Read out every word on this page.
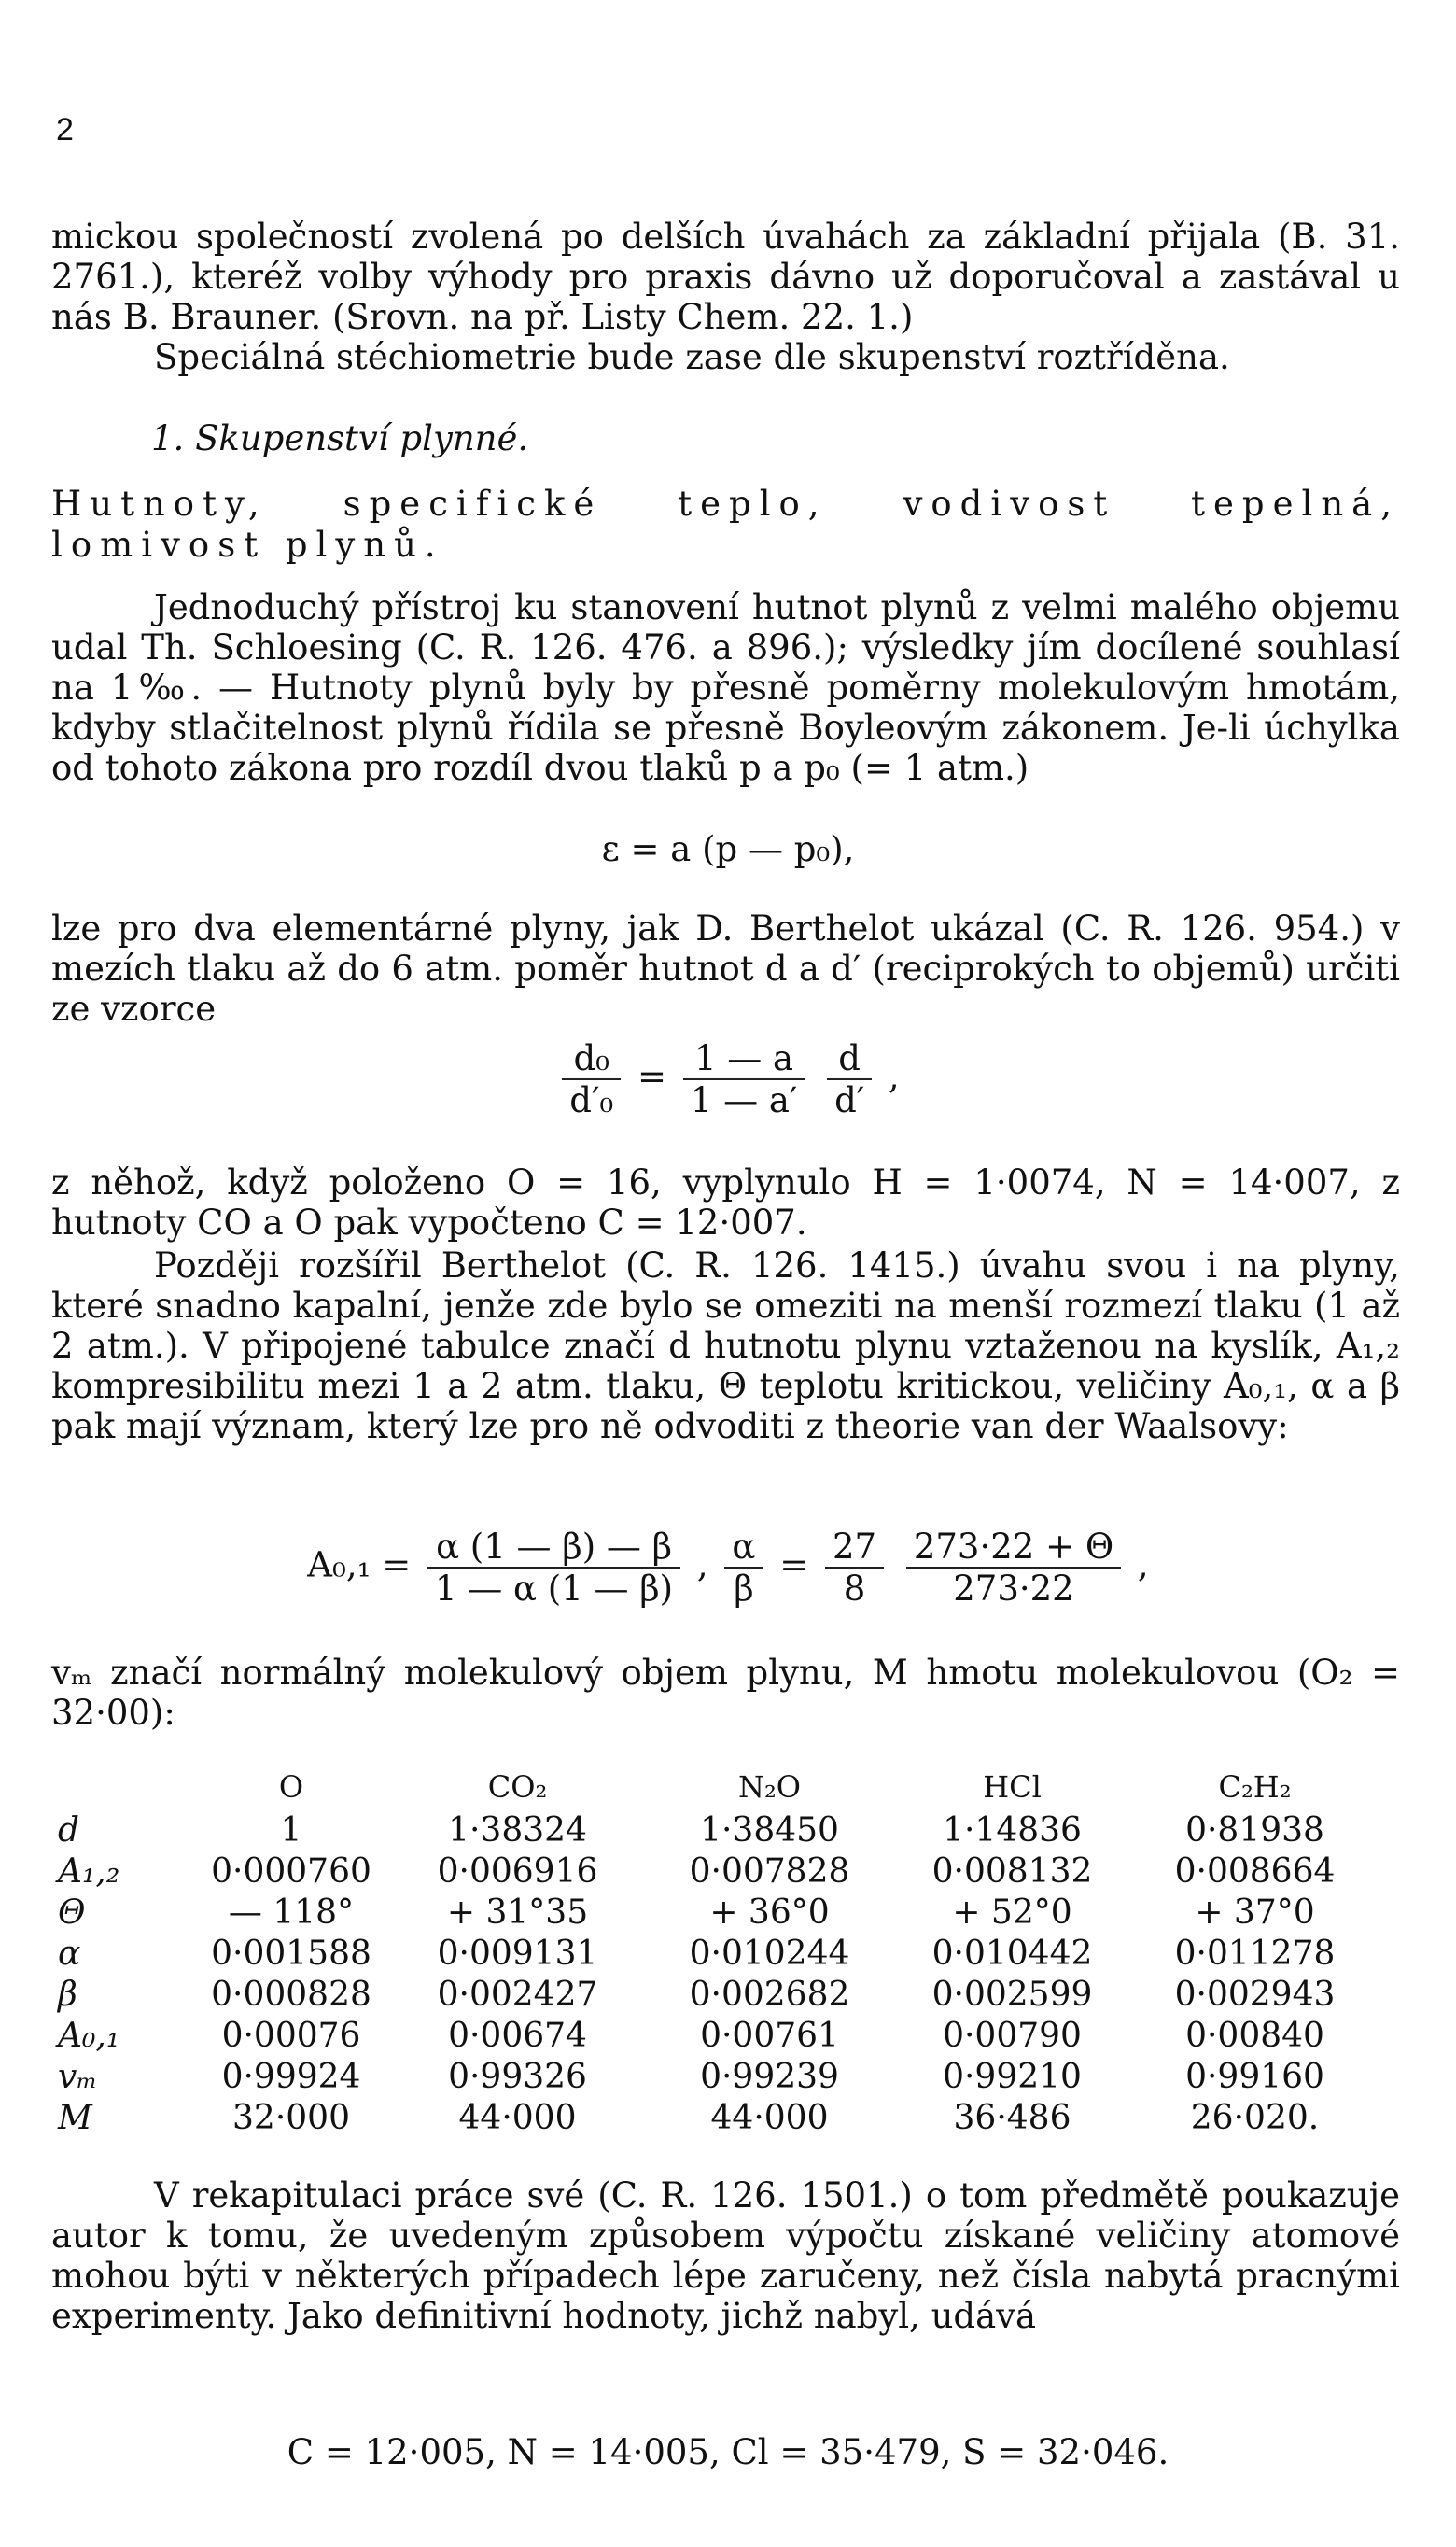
2
mickou společností zvolená po delších úvahách za základní přijala (B. 31. 2761.), kteréž volby výhody pro praxis dávno už doporučoval a zastával u nás B. Brauner. (Srovn. na př. Listy Chem. 22. 1.)
Speciálná stéchiometrie bude zase dle skupenství roztříděna.
1. Skupenství plynné.
Hutnoty, specifické teplo, vodivost tepelná, lomivost plynů.
Jednoduchý přístroj ku stanovení hutnot plynů z velmi malého objemu udal Th. Schloesing (C. R. 126. 476. a 896.); výsledky jím docílené souhlasí na 1‰. — Hutnoty plynů byly by přesně poměrny molekulovým hmotám, kdyby stlačitelnost plynů řídila se přesně Boyleovým zákonem. Je-li úchylka od tohoto zákona pro rozdíl dvou tlaků p a p₀ (= 1 atm.)
ε = a (p — p₀),
lze pro dva elementárné plyny, jak D. Berthelot ukázal (C. R. 126. 954.) v mezích tlaku až do 6 atm. poměr hutnot d a d′ (reciprokých to objemů) určiti ze vzorce
$\frac{\text{d₀}}{\text{d′₀}} = \frac{1 — a}{1 — a'}$
$\frac{d}{d'}$ ,
z něhož, když položeno O = 16, vyplynulo H = 1·0074, N = 14·007, z hutnoty CO a O pak vypočteno C = 12·007.
Později rozšířil Berthelot (C. R. 126. 1415.) úvahu svou i na plyny, které snadno kapalní, jenže zde bylo se omeziti na menší rozmezí tlaku (1 až 2 atm.). V připojené tabulce značí d hutnotu plynu vztaženou na kyslík, A₁,₂ kompresibilitu mezi 1 a 2 atm. tlaku, Θ teplotu kritickou, veličiny A₀,₁, α a β pak mají význam, který lze pro ně odvoditi z theorie van der Waalsovy:
$A_0,_1 = \frac{\alpha (1 — \beta) — \beta}{1 — \alpha (1 — \beta)}$ , $\frac{\alpha}{\beta} = \frac{27}{8}$
$\frac{273\cdot 22 + \Theta}{273\cdot 22}$ ,
vₘ značí normálný molekulový objem plynu, M hmotu molekulovou (O₂ = 32·00):
	O	CO₂	N₂O	HCl	C₂H₂
d	1	1·38324	1·38450	1·14836	0·81938
A₁,₂	0·000760	0·006916	0·007828	0·008132	0·008664
Θ	— 118°	+ 31°35	+ 36°0	+ 52°0	+ 37°0
α	0·001588	0·009131	0·010244	0·010442	0·011278
β	0·000828	0·002427	0·002682	0·002599	0·002943
A₀,₁	0·00076	0·00674	0·00761	0·00790	0·00840
vₘ	0·99924	0·99326	0·99239	0·99210	0·99160
M	32·000	44·000	44·000	36·486	26·020.
V rekapitulaci práce své (C. R. 126. 1501.) o tom předmětě poukazuje autor k tomu, že uvedeným způsobem výpočtu získané veličiny atomové mohou býti v některých případech lépe zaručeny, než čísla nabytá pracnými experimenty. Jako definitivní hodnoty, jichž nabyl, udává
C = 12·005, N = 14·005, Cl = 35·479, S = 32·046.
